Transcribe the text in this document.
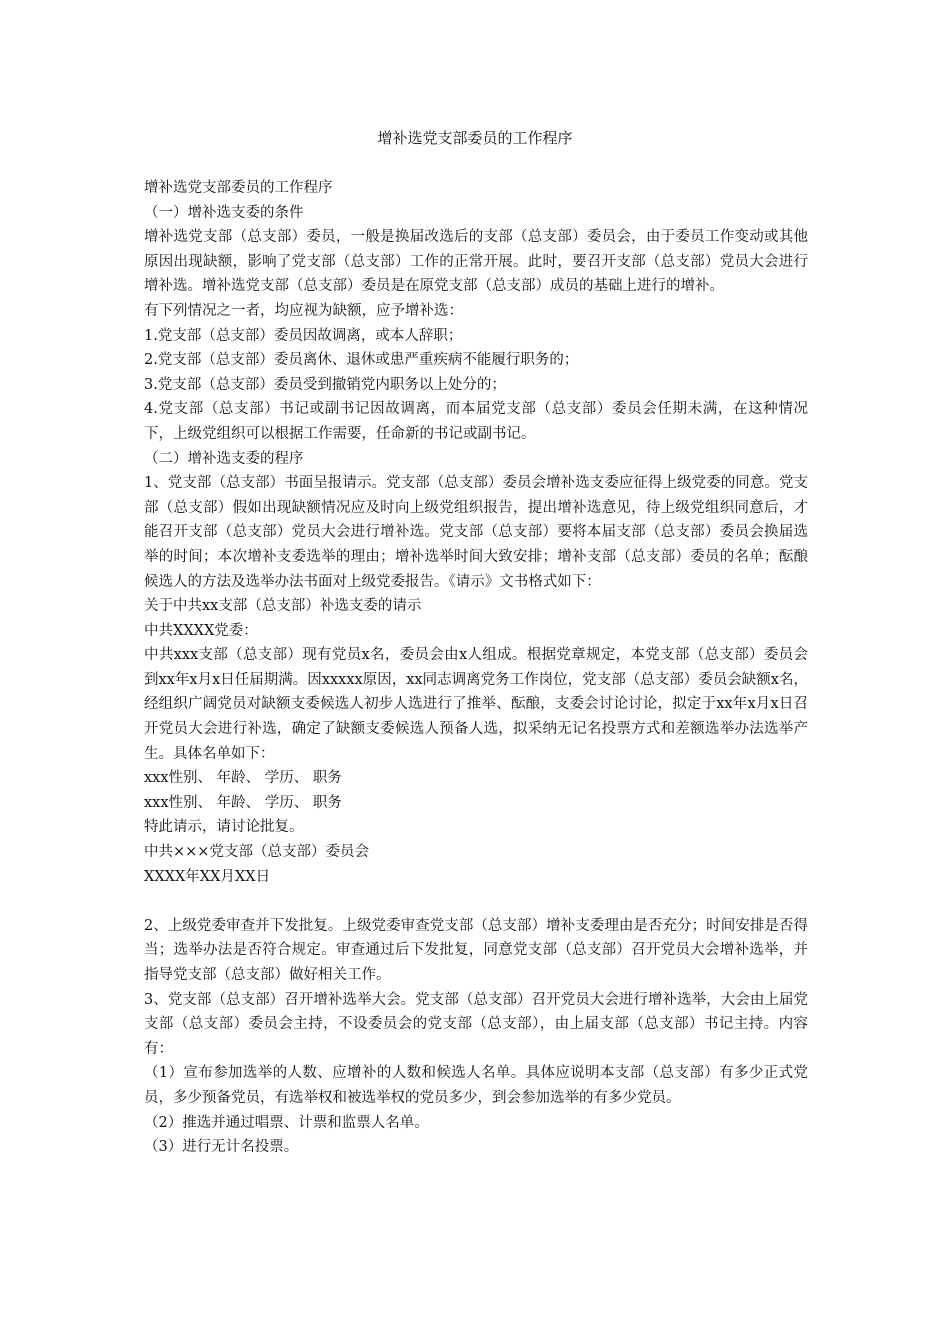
增补选党支部委员的工作程序

增补选党支部委员的工作程序

（一）增补选支委的条件

增补选党支部（总支部）委员，一般是换届改选后的支部（总支部）委员会，由于委员工作变动或其他原因出现缺额，影响了党支部（总支部）工作的正常开展。此时，要召开支部（总支部）党员大会进行增补选。增补选党支部（总支部）委员是在原党支部（总支部）成员的基础上进行的增补。

有下列情况之一者，均应视为缺额，应予增补选：

1.党支部（总支部）委员因故调离，或本人辞职；

2.党支部（总支部）委员离休、退休或患严重疾病不能履行职务的；

3.党支部（总支部）委员受到撤销党内职务以上处分的；

4.党支部（总支部）书记或副书记因故调离，而本届党支部（总支部）委员会任期未满，在这种情况下，上级党组织可以根据工作需要，任命新的书记或副书记。

（二）增补选支委的程序

1、党支部（总支部）书面呈报请示。党支部（总支部）委员会增补选支委应征得上级党委的同意。党支部（总支部）假如出现缺额情况应及时向上级党组织报告，提出增补选意见，待上级党组织同意后，才能召开支部（总支部）党员大会进行增补选。党支部（总支部）要将本届支部（总支部）委员会换届选举的时间；本次增补支委选举的理由；增补选举时间大致安排；增补支部（总支部）委员的名单；酝酿候选人的方法及选举办法书面对上级党委报告。《请示》文书格式如下：

关于中共xx支部（总支部）补选支委的请示

中共XXXX党委：

中共xxx支部（总支部）现有党员x名，委员会由x人组成。根据党章规定，本党支部（总支部）委员会到xx年x月x日任届期满。因xxxxx原因，xx同志调离党务工作岗位，党支部（总支部）委员会缺额x名，经组织广阔党员对缺额支委候选人初步人选进行了推举、酝酿，支委会讨论讨论，拟定于xx年x月x日召开党员大会进行补选，确定了缺额支委候选人预备人选，拟采纳无记名投票方式和差额选举办法选举产生。具体名单如下：

xxx性别、 年龄、 学历、 职务

xxx性别、 年龄、 学历、 职务

特此请示，请讨论批复。

中共×××党支部（总支部）委员会

XXXX年XX月XX日

2、上级党委审查并下发批复。上级党委审查党支部（总支部）增补支委理由是否充分；时间安排是否得当；选举办法是否符合规定。审查通过后下发批复，同意党支部（总支部）召开党员大会增补选举，并指导党支部（总支部）做好相关工作。

3、党支部（总支部）召开增补选举大会。党支部（总支部）召开党员大会进行增补选举，大会由上届党支部（总支部）委员会主持，不设委员会的党支部（总支部），由上届支部（总支部）书记主持。内容有：

（1）宣布参加选举的人数、应增补的人数和候选人名单。具体应说明本支部（总支部）有多少正式党员，多少预备党员，有选举权和被选举权的党员多少，到会参加选举的有多少党员。

（2）推选并通过唱票、计票和监票人名单。

（3）进行无计名投票。
